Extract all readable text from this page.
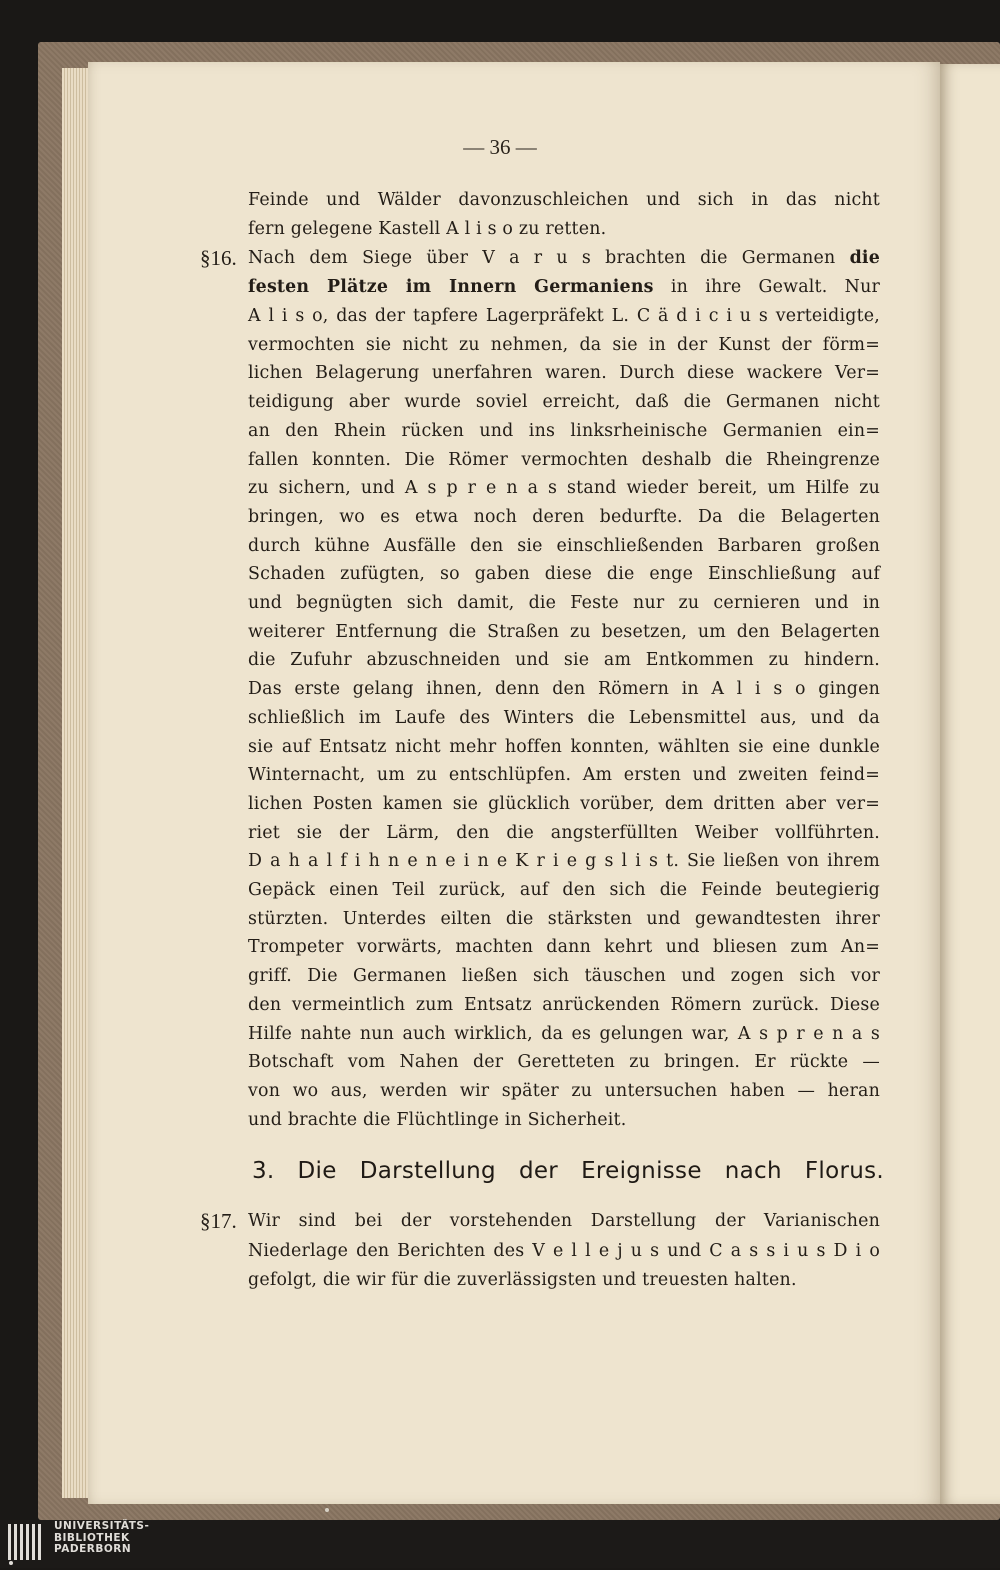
— 36 —
Feinde und Wälder davonzuschleichen und sich in das nicht
fern gelegene Kastell A l i s o zu retten.
Nach dem Siege über V a r u s brachten die Germanen die
festen Plätze im Innern Germaniens in ihre Gewalt. Nur
A l i s o, das der tapfere Lagerpräfekt L. C ä d i c i u s verteidigte,
vermochten sie nicht zu nehmen, da sie in der Kunst der förm=
lichen Belagerung unerfahren waren. Durch diese wackere Ver=
teidigung aber wurde soviel erreicht, daß die Germanen nicht
an den Rhein rücken und ins linksrheinische Germanien ein=
fallen konnten. Die Römer vermochten deshalb die Rheingrenze
zu sichern, und A s p r e n a s stand wieder bereit, um Hilfe zu
bringen, wo es etwa noch deren bedurfte. Da die Belagerten
durch kühne Ausfälle den sie einschließenden Barbaren großen
Schaden zufügten, so gaben diese die enge Einschließung auf
und begnügten sich damit, die Feste nur zu cernieren und in
weiterer Entfernung die Straßen zu besetzen, um den Belagerten
die Zufuhr abzuschneiden und sie am Entkommen zu hindern.
Das erste gelang ihnen, denn den Römern in A l i s o gingen
schließlich im Laufe des Winters die Lebensmittel aus, und da
sie auf Entsatz nicht mehr hoffen konnten, wählten sie eine dunkle
Winternacht, um zu entschlüpfen. Am ersten und zweiten feind=
lichen Posten kamen sie glücklich vorüber, dem dritten aber ver=
riet sie der Lärm, den die angsterfüllten Weiber vollführten.
D a h a l f i h n e n e i n e K r i e g s l i s t. Sie ließen von ihrem
Gepäck einen Teil zurück, auf den sich die Feinde beutegierig
stürzten. Unterdes eilten die stärksten und gewandtesten ihrer
Trompeter vorwärts, machten dann kehrt und bliesen zum An=
griff. Die Germanen ließen sich täuschen und zogen sich vor
den vermeintlich zum Entsatz anrückenden Römern zurück. Diese
Hilfe nahte nun auch wirklich, da es gelungen war, A s p r e n a s
Botschaft vom Nahen der Geretteten zu bringen. Er rückte —
von wo aus, werden wir später zu untersuchen haben — heran
und brachte die Flüchtlinge in Sicherheit.
§16.
3. Die Darstellung der Ereignisse nach Florus.
§17. Wir sind bei der vorstehenden Darstellung der Varianischen
Niederlage den Berichten des V e l l e j u s und C a s s i u s D i o
gefolgt, die wir für die zuverlässigsten und treuesten halten.
UNIVERSITÄTS-
BIBLIOTHEK
PADERBORN
